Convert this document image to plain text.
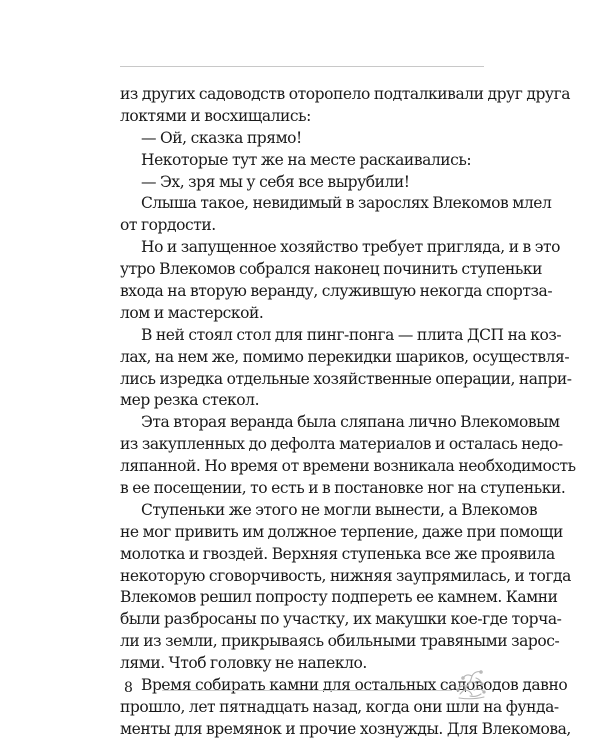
из других садоводств оторопело подталкивали друг друга
локтями и восхищались:
— Ой, сказка прямо!
Некоторые тут же на месте раскаивались:
— Эх, зря мы у себя все вырубили!
Слыша такое, невидимый в зарослях Влекомов млел
от гордости.
Но и запущенное хозяйство требует пригляда, и в это
утро Влекомов собрался наконец починить ступеньки
входа на вторую веранду, служившую некогда спортза-
лом и мастерской.
В ней стоял стол для пинг-понга — плита ДСП на коз-
лах, на нем же, помимо перекидки шариков, осуществля-
лись изредка отдельные хозяйственные операции, напри-
мер резка стекол.
Эта вторая веранда была сляпана лично Влекомовым
из закупленных до дефолта материалов и осталась недо-
ляпанной. Но время от времени возникала необходимость
в ее посещении, то есть и в постановке ног на ступеньки.
Ступеньки же этого не могли вынести, а Влекомов
не мог привить им должное терпение, даже при помощи
молотка и гвоздей. Верхняя ступенька все же проявила
некоторую сговорчивость, нижняя заупрямилась, и тогда
Влекомов решил попросту подпереть ее камнем. Камни
были разбросаны по участку, их макушки кое-где торча-
ли из земли, прикрываясь обильными травяными зарос-
лями. Чтоб головку не напекло.
Время собирать камни для остальных садоводов давно
прошло, лет пятнадцать назад, когда они шли на фунда-
менты для времянок и прочие хознужды. Для Влекомова,
8
